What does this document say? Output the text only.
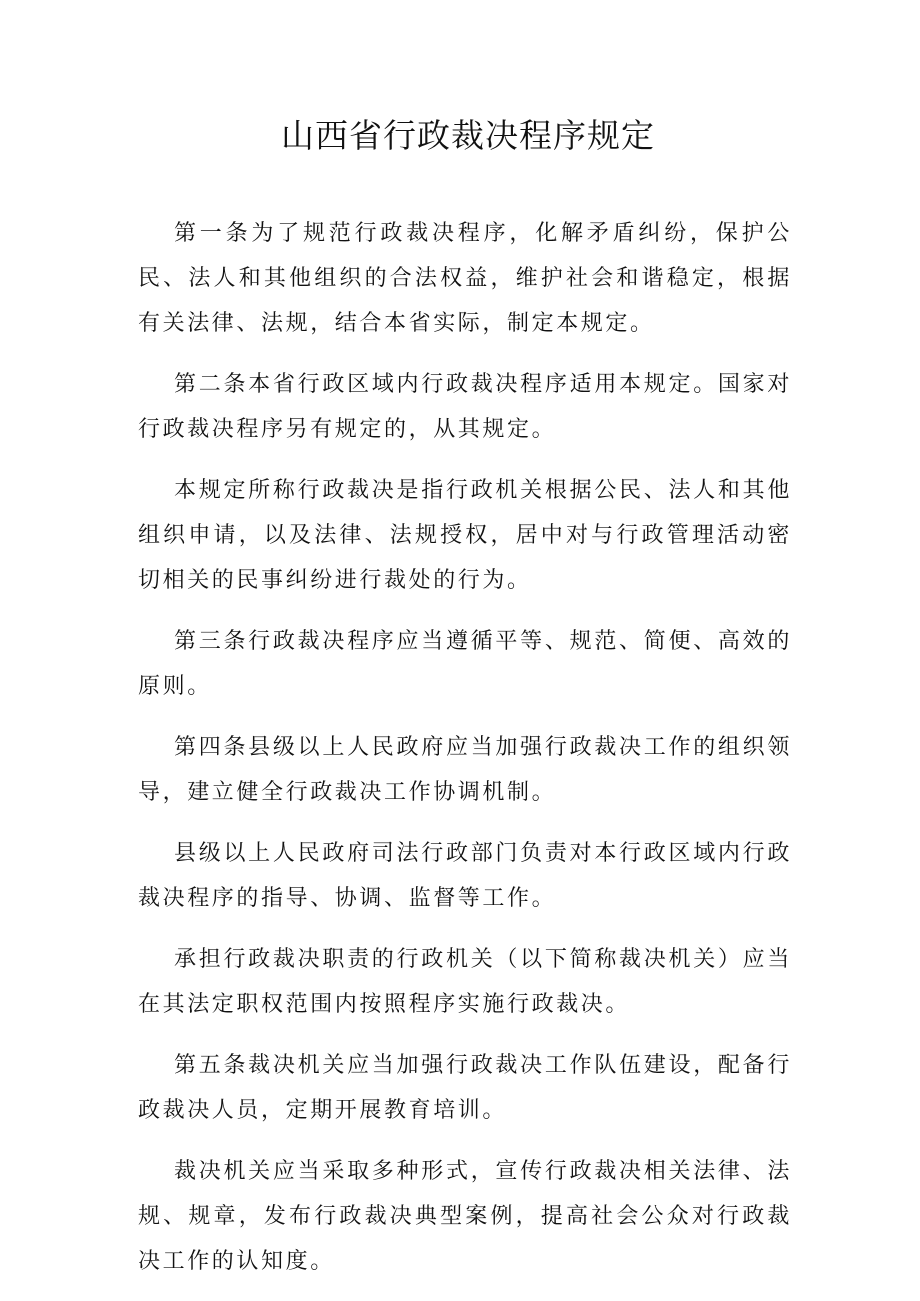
山西省行政裁决程序规定

第一条为了规范行政裁决程序，化解矛盾纠纷，保护公民、法人和其他组织的合法权益，维护社会和谐稳定，根据有关法律、法规，结合本省实际，制定本规定。

第二条本省行政区域内行政裁决程序适用本规定。国家对行政裁决程序另有规定的，从其规定。

本规定所称行政裁决是指行政机关根据公民、法人和其他组织申请，以及法律、法规授权，居中对与行政管理活动密切相关的民事纠纷进行裁处的行为。

第三条行政裁决程序应当遵循平等、规范、简便、高效的原则。

第四条县级以上人民政府应当加强行政裁决工作的组织领导，建立健全行政裁决工作协调机制。

县级以上人民政府司法行政部门负责对本行政区域内行政裁决程序的指导、协调、监督等工作。

承担行政裁决职责的行政机关（以下简称裁决机关）应当在其法定职权范围内按照程序实施行政裁决。

第五条裁决机关应当加强行政裁决工作队伍建设，配备行政裁决人员，定期开展教育培训。

裁决机关应当采取多种形式，宣传行政裁决相关法律、法规、规章，发布行政裁决典型案例，提高社会公众对行政裁决工作的认知度。
